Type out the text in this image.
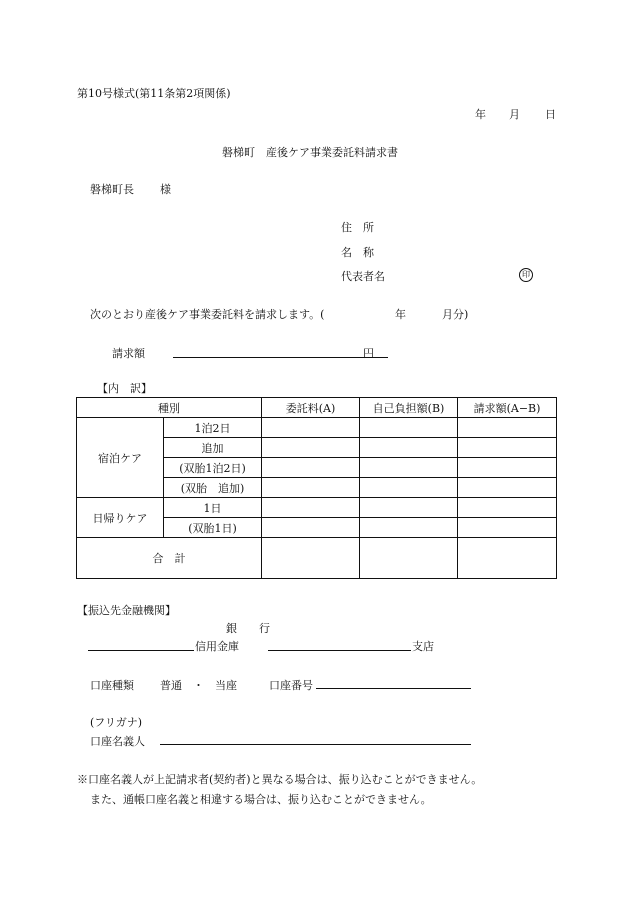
第10号様式(第11条第2項関係)
年 月 日
磐梯町　産後ケア事業委託料請求書
磐梯町長 様
住　所
名　称
代表者名	印
次のとおり産後ケア事業委託料を請求します。(	年	月分)
請求額	円
【内　訳】
種別		委託料(A)	自己負担額(B)	請求額(A−B)
宿泊ケア	1泊2日			
	追加			
	(双胎1泊2日)			
	(双胎　追加)			
日帰りケア	1日			
	(双胎1日)			
合　計				
【振込先金融機関】
銀　　行
信用金庫	支店
口座種類 普通　・　当座	口座番号
(フリガナ)
口座名義人
※口座名義人が上記請求者(契約者)と異なる場合は、振り込むことができません。
また、通帳口座名義と相違する場合は、振り込むことができません。
